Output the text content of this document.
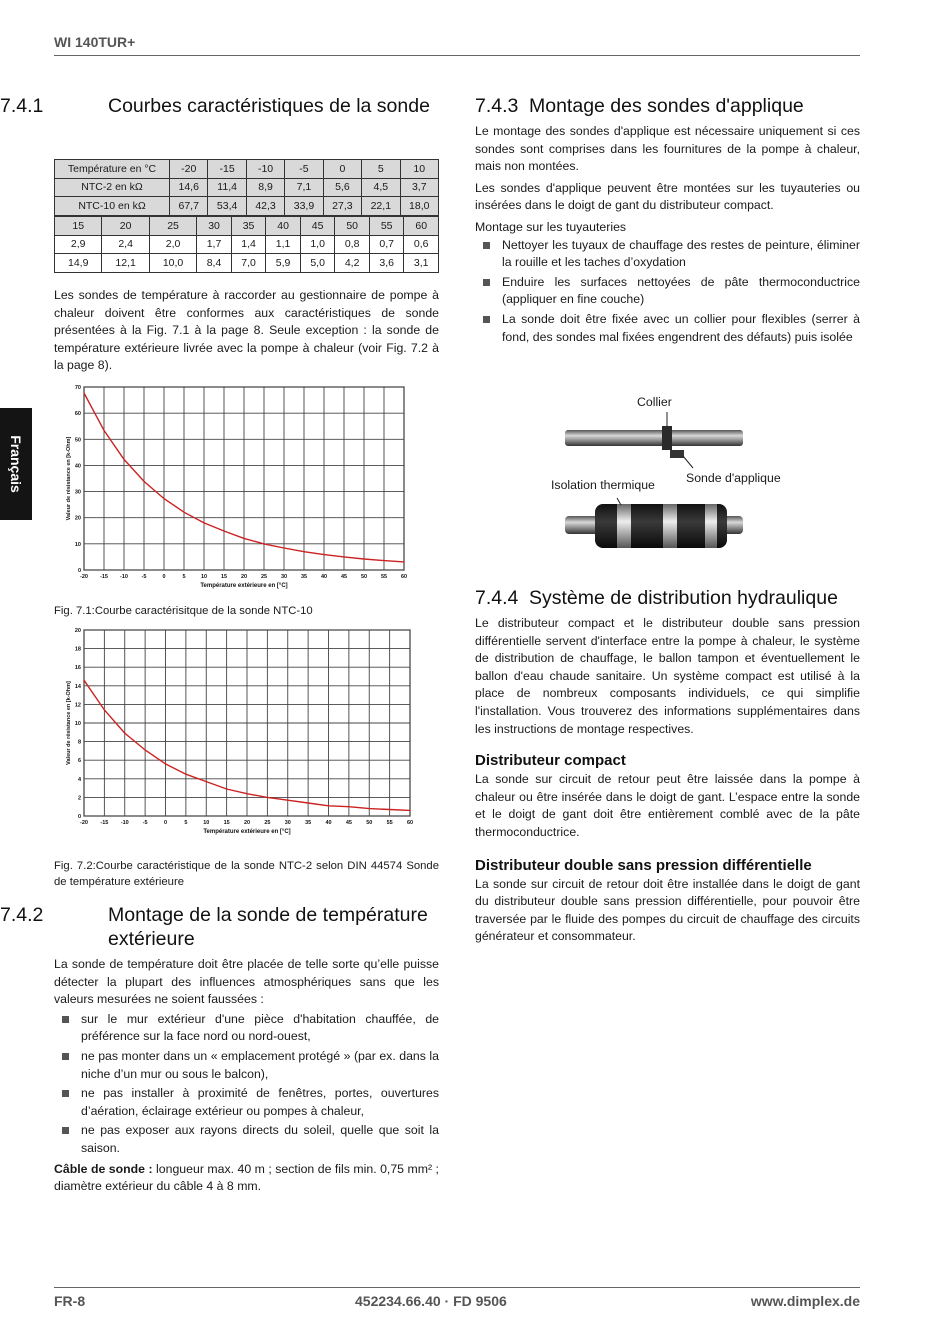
WI 140TUR+
Français
7.4.1	Courbes caractéristiques de la sonde
Température en °C	-20	-15	-10	-5	0	5	10
NTC-2 en kΩ	14,6	11,4	8,9	7,1	5,6	4,5	3,7
NTC-10 en kΩ	67,7	53,4	42,3	33,9	27,3	22,1	18,0
15	20	25	30	35	40	45	50	55	60
2,9	2,4	2,0	1,7	1,4	1,1	1,0	0,8	0,7	0,6
14,9	12,1	10,0	8,4	7,0	5,9	5,0	4,2	3,6	3,1

Les sondes de température à raccorder au gestionnaire de pompe à chaleur doivent être conformes aux caractéristiques de sonde présentées à la Fig. 7.1 à la page 8. Seule exception : la sonde de température extérieure livrée avec la pompe à chaleur (voir Fig. 7.2 à la page 8).

-20 -15 -10 -5	0	5	10	15	20	25	30	35	40	45	50	55	60
0
10
20
30
40
50
60
70
Température extérieure en [°C]
Valeur de résistance en [k-Ohm]
Fig. 7.1:Courbe caractérisitque de la sonde NTC-10
-20 -15 -10	-5	0	5	10	15	20	25	30	35	40	45	50	55	60
0
2
4
6
8
10
12
14
16
18
20
Température extérieure en [°C]
Valeur de résistance en [k-Ohm]
Fig. 7.2:Courbe caractéristique de la sonde NTC-2 selon DIN 44574 Sonde de température extérieure
7.4.2	Montage de la sonde de température extérieure

La sonde de température doit être placée de telle sorte qu’elle puisse détecter la plupart des influences atmosphériques sans que les valeurs mesurées ne soient faussées :

sur le mur extérieur d'une pièce d'habitation chauffée, de préférence sur la face nord ou nord-ouest,
ne pas monter dans un « emplacement protégé » (par ex. dans la niche d’un mur ou sous le balcon),
ne pas installer à proximité de fenêtres, portes, ouvertures d’aération, éclairage extérieur ou pompes à chaleur,
ne pas exposer aux rayons directs du soleil, quelle que soit la saison.

Câble de sonde : longueur max. 40 m ; section de fils min. 0,75 mm² ; diamètre extérieur du câble 4 à 8 mm.

7.4.3 Montage des sondes d'applique

Le montage des sondes d'applique est nécessaire uniquement si ces sondes sont comprises dans les fournitures de la pompe à chaleur, mais non montées.

Les sondes d'applique peuvent être montées sur les tuyauteries ou insérées dans le doigt de gant du distributeur compact.

Montage sur les tuyauteries

Nettoyer les tuyaux de chauffage des restes de peinture, éliminer la rouille et les taches d’oxydation
Enduire les surfaces nettoyées de pâte thermoconductrice (appliquer en fine couche)
La sonde doit être fixée avec un collier pour flexibles (serrer à fond, des sondes mal fixées engendrent des défauts) puis isolée
Collier
Sonde d'applique
Isolation thermique
7.4.4 Système de distribution hydraulique

Le distributeur compact et le distributeur double sans pression différentielle servent d'interface entre la pompe à chaleur, le système de distribution de chauffage, le ballon tampon et éventuellement le ballon d'eau chaude sanitaire. Un système compact est utilisé à la place de nombreux composants individuels, ce qui simplifie l'installation. Vous trouverez des informations supplémentaires dans les instructions de montage respectives.

Distributeur compact

La sonde sur circuit de retour peut être laissée dans la pompe à chaleur ou être insérée dans le doigt de gant. L’espace entre la sonde et le doigt de gant doit être entièrement comblé avec de la pâte thermoconductrice.

Distributeur double sans pression différentielle

La sonde sur circuit de retour doit être installée dans le doigt de gant du distributeur double sans pression différentielle, pour pouvoir être traversée par le fluide des pompes du circuit de chauffage des circuits générateur et consommateur.

FR-8	452234.66.40 · FD 9506	www.dimplex.de
